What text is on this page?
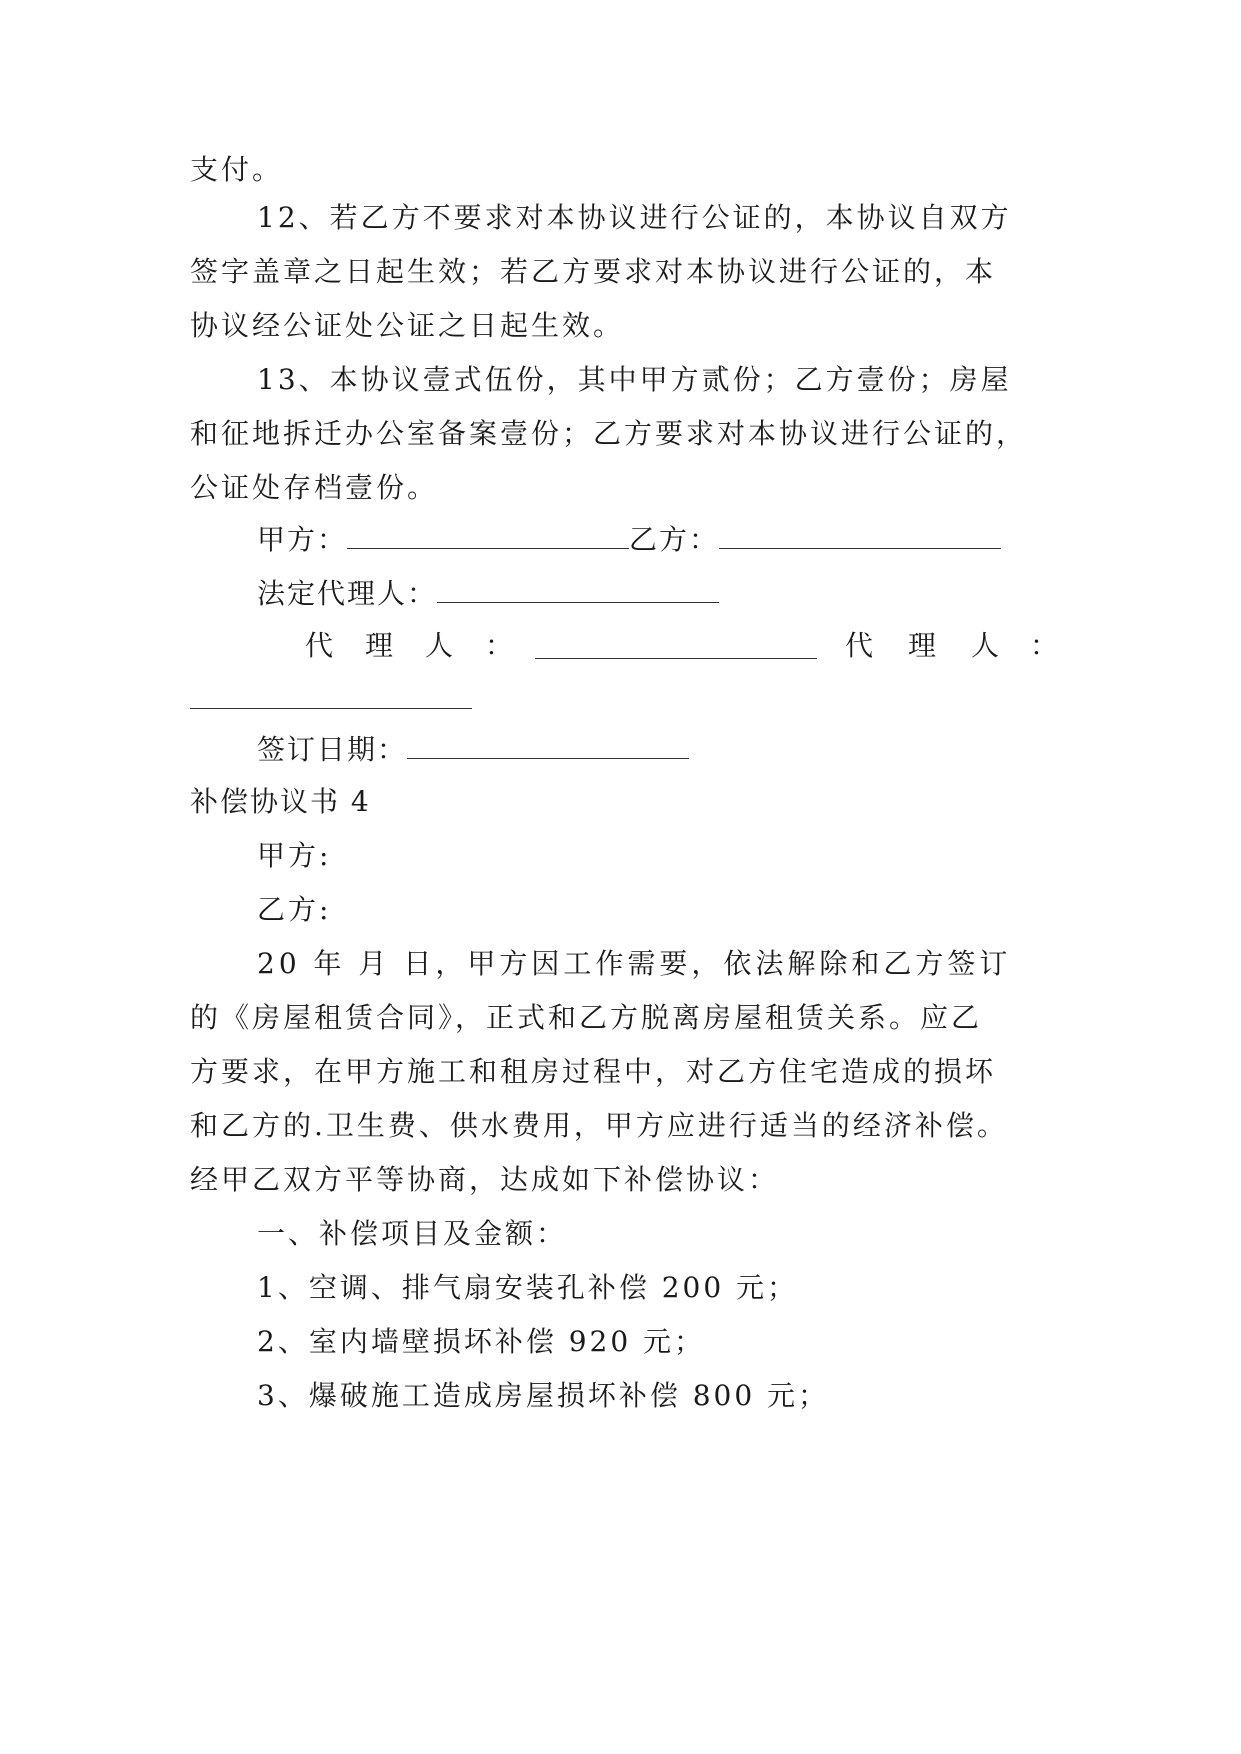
支付。
12、若乙方不要求对本协议进行公证的，本协议自双方
签字盖章之日起生效；若乙方要求对本协议进行公证的，本
协议经公证处公证之日起生效。
13、本协议壹式伍份，其中甲方贰份；乙方壹份；房屋
和征地拆迁办公室备案壹份；乙方要求对本协议进行公证的，
公证处存档壹份。
甲方：	乙方：
法定代理人：
代 理 人 ：	代 理 人 ：
签订日期：
补偿协议书 4
甲方:
乙方:
20 年 月 日，甲方因工作需要，依法解除和乙方签订
的《房屋租赁合同》，正式和乙方脱离房屋租赁关系。应乙
方要求，在甲方施工和租房过程中，对乙方住宅造成的损坏
和乙方的.卫生费、供水费用，甲方应进行适当的经济补偿。
经甲乙双方平等协商，达成如下补偿协议：
一、补偿项目及金额：
1、空调、排气扇安装孔补偿 200 元；
2、室内墙壁损坏补偿 920 元；
3、爆破施工造成房屋损坏补偿 800 元；
